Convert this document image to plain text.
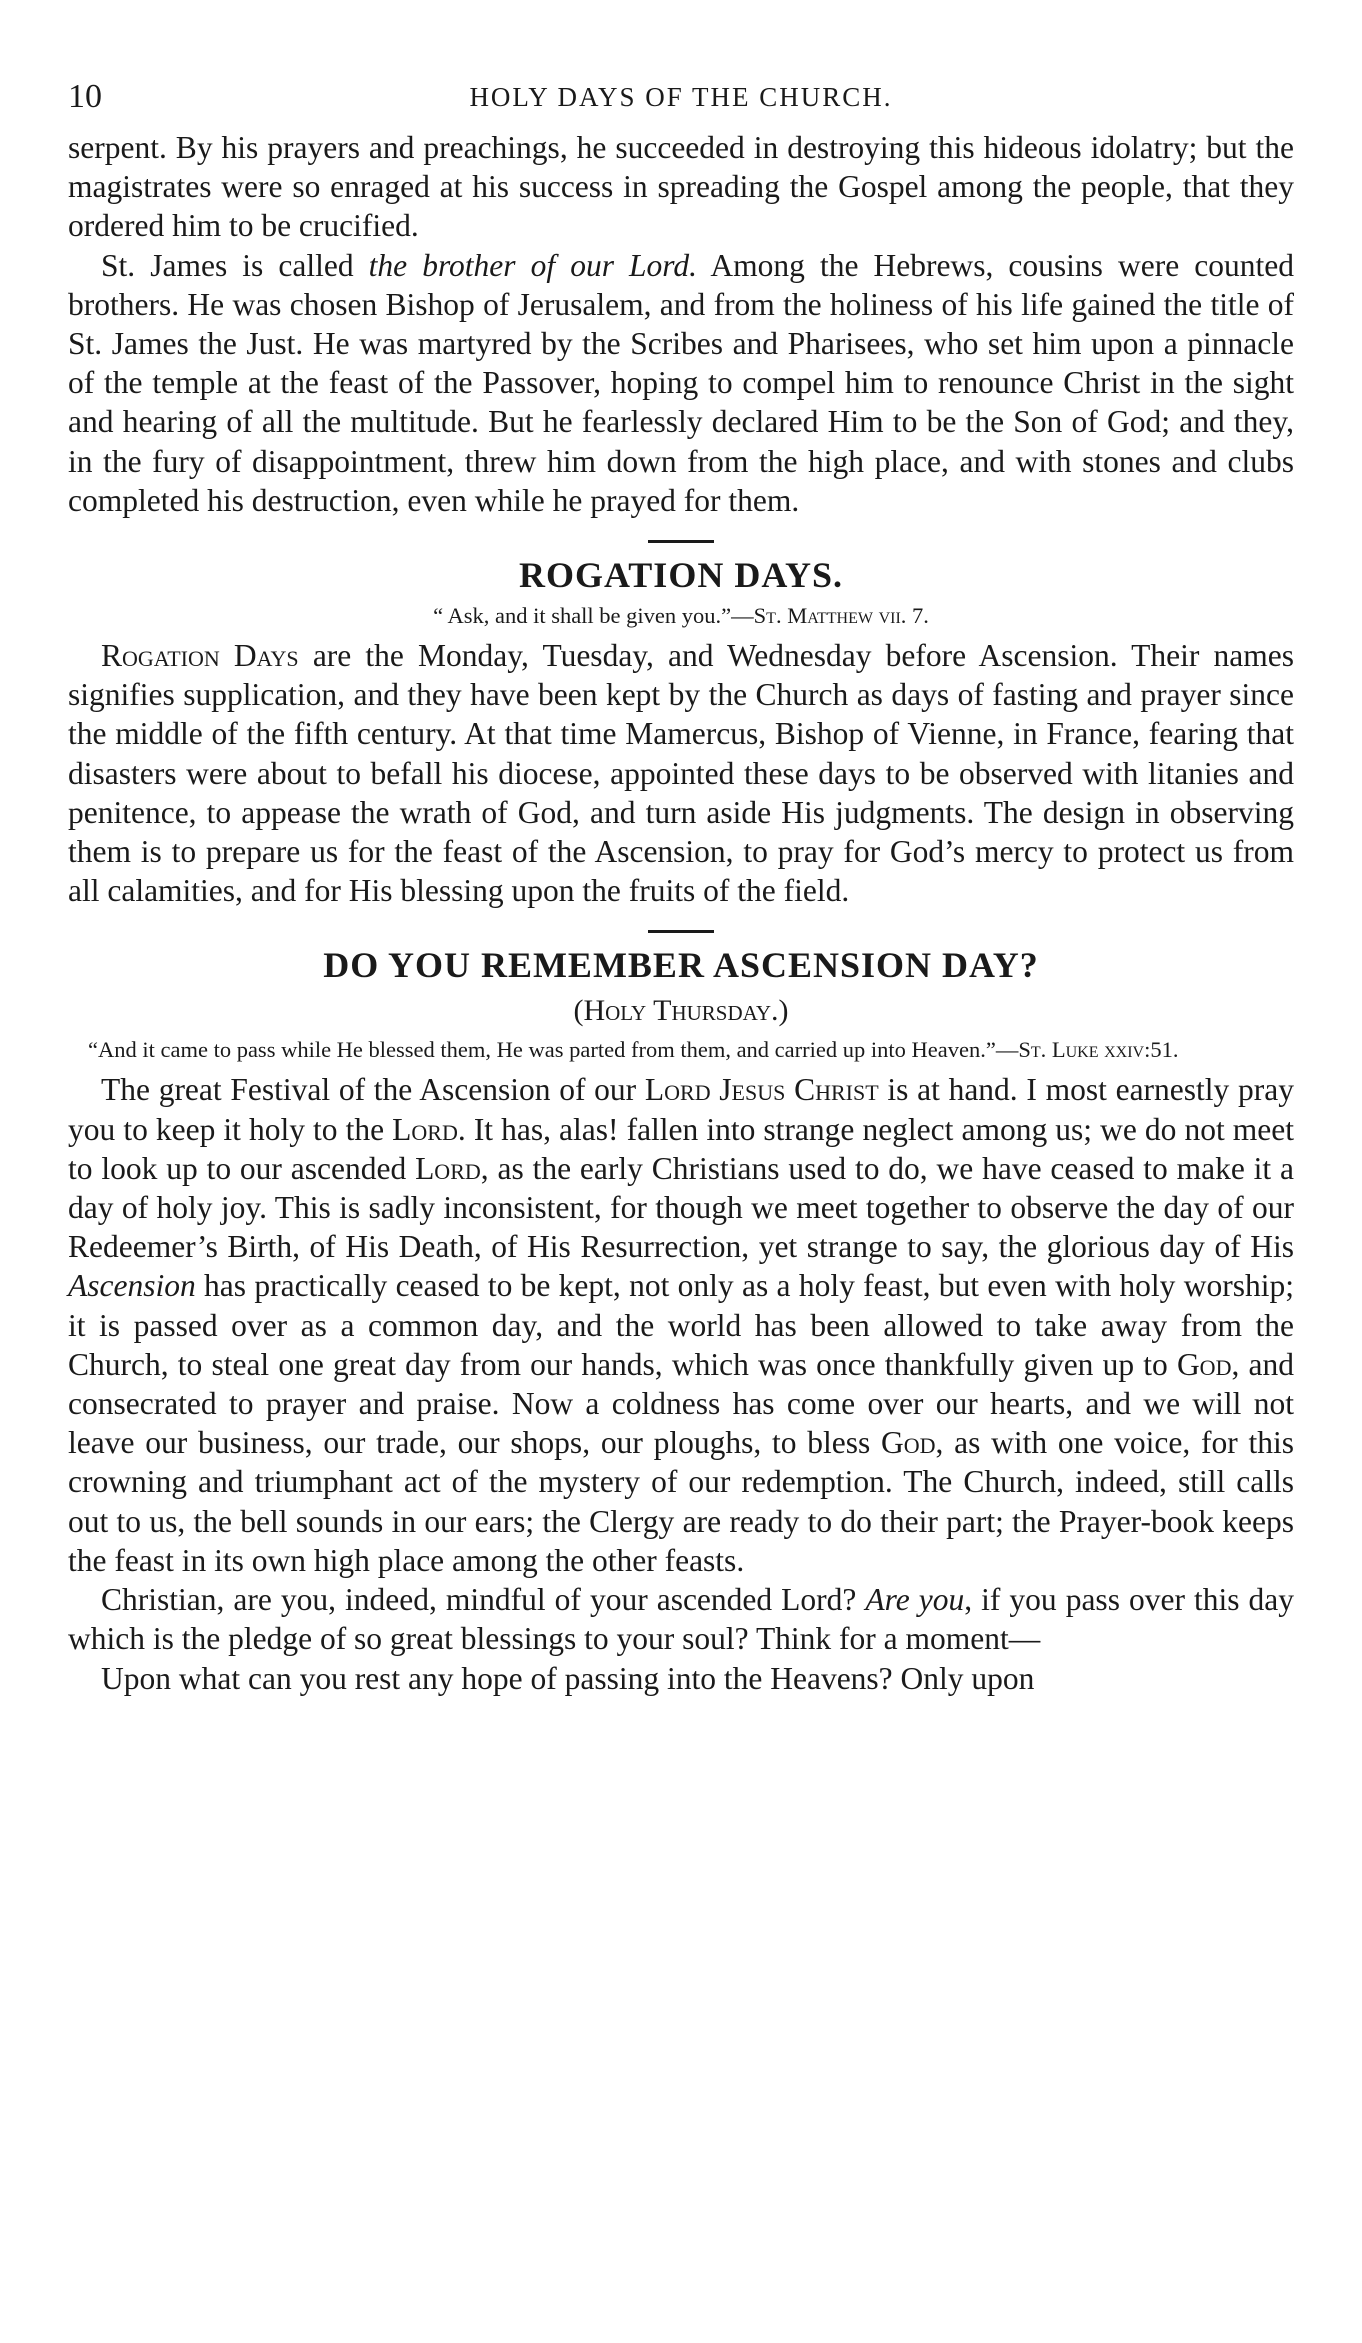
10	HOLY DAYS OF THE CHURCH.

serpent. By his prayers and preachings, he succeeded in destroying this hideous idolatry; but the magistrates were so enraged at his success in spreading the Gospel among the people, that they ordered him to be crucified.

St. James is called the brother of our Lord. Among the Hebrews, cousins were counted brothers. He was chosen Bishop of Jerusalem, and from the holiness of his life gained the title of St. James the Just. He was martyred by the Scribes and Pharisees, who set him upon a pinnacle of the temple at the feast of the Passover, hoping to compel him to renounce Christ in the sight and hearing of all the multitude. But he fearlessly declared Him to be the Son of God; and they, in the fury of disappointment, threw him down from the high place, and with stones and clubs completed his destruction, even while he prayed for them.

ROGATION DAYS.
“ Ask, and it shall be given you.”—St. Matthew vii. 7.

Rogation Days are the Monday, Tuesday, and Wednesday before Ascension. Their names signifies supplication, and they have been kept by the Church as days of fasting and prayer since the middle of the fifth century. At that time Mamercus, Bishop of Vienne, in France, fearing that disasters were about to befall his diocese, appointed these days to be observed with litanies and penitence, to appease the wrath of God, and turn aside His judgments. The design in observing them is to prepare us for the feast of the Ascension, to pray for God’s mercy to protect us from all calamities, and for His blessing upon the fruits of the field.

DO YOU REMEMBER ASCENSION DAY?
(Holy Thursday.)
“And it came to pass while He blessed them, He was parted from them, and carried up into Heaven.”—St. Luke xxiv:51.

The great Festival of the Ascension of our Lord Jesus Christ is at hand. I most earnestly pray you to keep it holy to the Lord. It has, alas! fallen into strange neglect among us; we do not meet to look up to our ascended Lord, as the early Christians used to do, we have ceased to make it a day of holy joy. This is sadly inconsistent, for though we meet together to observe the day of our Redeemer’s Birth, of His Death, of His Resurrection, yet strange to say, the glorious day of His Ascension has practically ceased to be kept, not only as a holy feast, but even with holy worship; it is passed over as a common day, and the world has been allowed to take away from the Church, to steal one great day from our hands, which was once thankfully given up to God, and consecrated to prayer and praise. Now a coldness has come over our hearts, and we will not leave our business, our trade, our shops, our ploughs, to bless God, as with one voice, for this crowning and triumphant act of the mystery of our redemption. The Church, indeed, still calls out to us, the bell sounds in our ears; the Clergy are ready to do their part; the Prayer-book keeps the feast in its own high place among the other feasts.

Christian, are you, indeed, mindful of your ascended Lord? Are you, if you pass over this day which is the pledge of so great blessings to your soul? Think for a moment—

Upon what can you rest any hope of passing into the Heavens? Only upon
